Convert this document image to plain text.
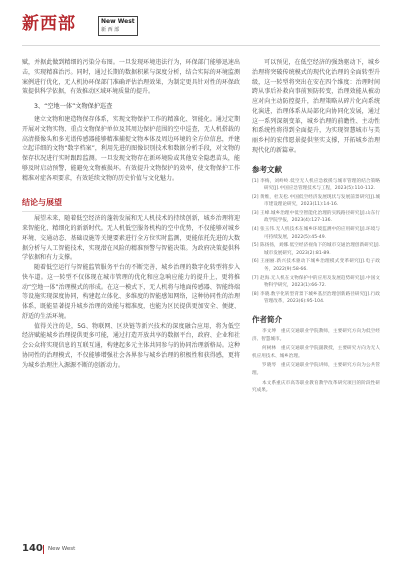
新西部	New West
新 西 部

赋，并据此做到精细的污染分布图。一旦发现环境违法行为，环保部门能够迅速出击，实现精准治污。同时，通过长期的数据积累与深度分析，结合实际的环境监测案例进行优化，无人机协环保部门准确评估治理效果，为制定更具针对性的环保政策提供科学依据，有效推动区域环境质量的提升。

3、“空地一体”文物保护巡查

建立文物和建造物保存体系，实现文物保护工作的精准化、智能化。通过定期开展对文物实物、重点文物保护单位及其周边保护范围的空中巡查，无人机搭载的高清摄像头和多光谱传感器能够精准捕捉文物本体及周边环境的全方位信息，并建立起详细的文物“数字档案”，利用先进的图像识别技术和数据分析手段，对文物的保存状况进行实时跟踪监测。一旦发现文物存在新环境险或其他安全隐患苗头，能够及时启动预警，能避免文物被损坏。有效提升文物保护的效率，使文物保护工作精准对症各项要求，有效延续文物的历史价值与文化魅力。

结论与展望

展望未来，随着低空经济的蓬勃发展和无人机技术的持续创新，城乡治理将迎来智能化、精细化的新新时代。无人机低空服务机构的空中优势，不仅能够对城乡环境、交通动态、基础设施等关键要素进行全方位实时监测，更能依托先进的大数据分析与人工智能技术，实现潜在风险的精准预警与智能决策。为政府决策提供科学依据和有力支撑。

随着低空运行与智能监管服务平台的不断完善，城乡治理的数字化转型将步入快车道。这一转型不仅体现在城市管理的优化和应急响应能力的提升上，更将推动“空地一体”治理模式的形成。在这一模式下，无人机将与地面传感器、智能终端等设施实现深度协同，构建起立体化、多维度的智能感知网络，这种协同性的治理体系，既能显著提升城乡治理的效能与精准度，也能为区民提供更加安全、便捷、舒适的生活环境。

值得关注的是，5G、物联网、区块链等新兴技术的深度融合应用，将为低空经济赋能城乡治理提供更多可能，通过打造开放共享的数据平台，政府、企业和社会公众将实现信息的互联互通，构建起多元主体共同参与的协同治理新格局。这种协同性的治理模式，不仅能够增强社会各界参与城乡治理的积极性和获得感，更将为城乡治理注入源源不断的创新动力。

可以预见，在低空经济的强劲驱动下，城乡治理将突破传统模式的现代化治理的全面转型升级，这一转型将突出在安在四个维度：治理时间跨从事后补救向事前预防转变，治理效能从被动应对向主动防控提升，治理策略从碎片化向系统化演进，治理体系从局部化向协同化发展，通过这一系列深刻变革，城乡治理的前瞻性、主动性和系统性将得到全面提升，为实现智慧城市与美丽乡村的宏伟愿景提供坚实支撑，开拓城乡治理现代化的新篇章。

参考文献

[1] 李梅，刘岭岭.低空无人机应急救援与城市管理的结合策略研究[J].中国应急管理技术与工程，2023(5):110-112.

[2] 黄维，杜友松.中国低空经济发展现状与发展前景研究[J].城市建设理论研究，2023(11):14-16.

[3] 王峰.城乡治理中低空智能化治理的实践路径研究[J].山东行政学院学报，2023(4):127-136.

[4] 张玉伟.无人机技术在城乡环境监测中的应用研究[J].环境与可持续发展，2022(5):45-49.

[5] 陈扬扬，刘娜.低空经济视角下的城市交通治理创新研究[J].城市发展研究，2023(2):81-89.

[6] 王丽丽.新兴技术驱动下城乡治理模式变革研究[J].电子政务，2022(9):58-66.

[7] 赵海.无人机在文物保护中的应用及发展趋势研究[J].中国文物科学研究，2023(1):66-72.

[8] 李晓.数字化转型背景下城乡基层治理创新路径研究[J].行政管理改革，2023(6):95-104.

作者简介

李文坤　重庆交通职业学院教师，主要研究方向为低空经济、智慧城市。

何树林　重庆交通职业学院副教授，主要研究方向为无人机应用技术、城乡治理。

罗晓琴　重庆交通职业学院讲师，主要研究方向为公共管理。

本文系重庆市高等职业教育教学改革研究项目的阶段性研究成果。

140 New West
